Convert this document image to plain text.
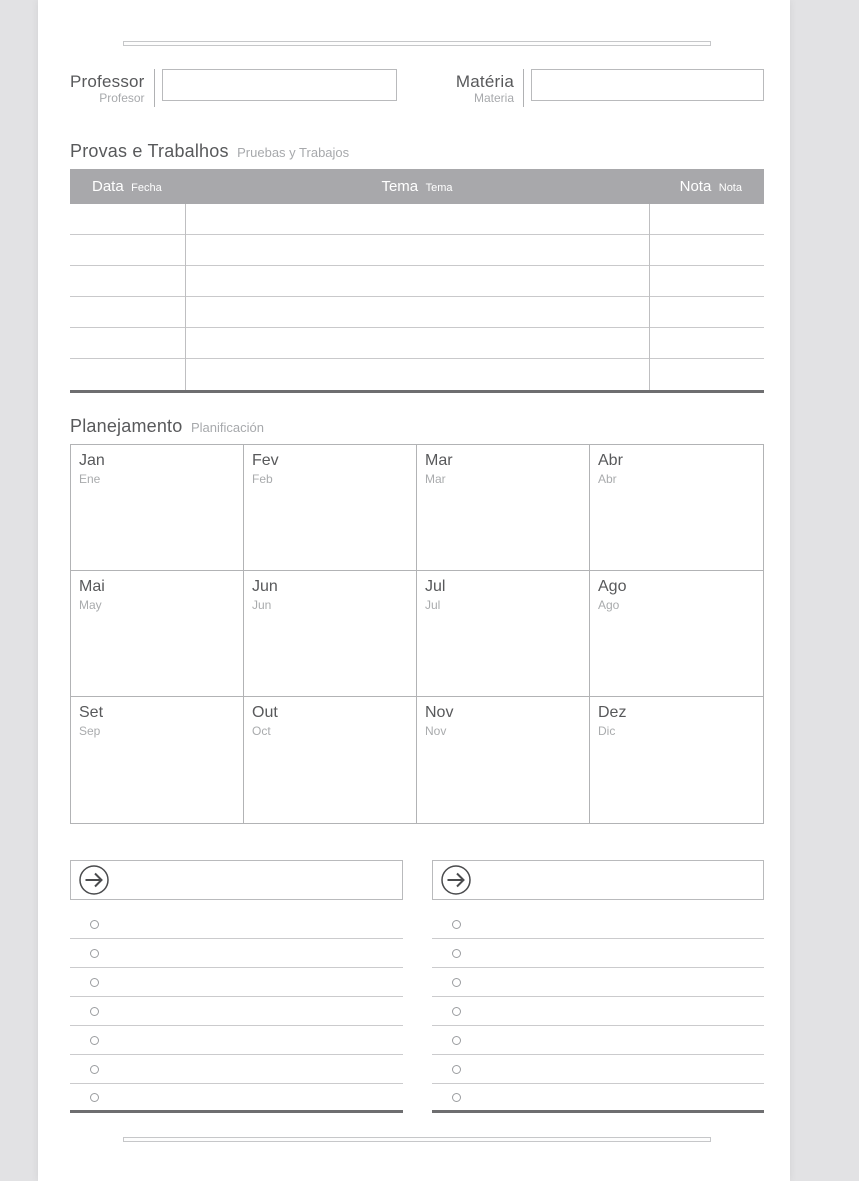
Professor
Profesor
Matéria
Materia
Provas e Trabalhos Pruebas y Trabajos
Data Fecha	Tema Tema	Nota Nota
Planejamento Planificación
Jan
Ene
Fev
Feb
Mar
Mar
Abr
Abr
Mai
May
Jun
Jun
Jul
Jul
Ago
Ago
Set
Sep
Out
Oct
Nov
Nov
Dez
Dic
